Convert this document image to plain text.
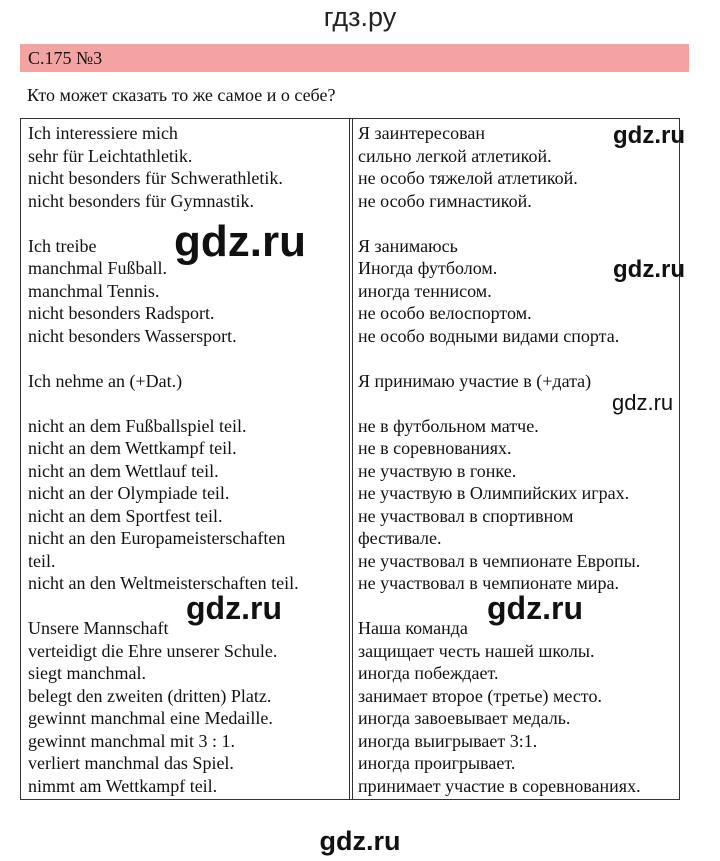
гдз.ру
С.175 №3
Кто может сказать то же самое и о себе?
Ich interessiere mich
sehr für Leichtathletik.
nicht besonders für Schwerathletik.
nicht besonders für Gymnastik.
Ich treibe
manchmal Fußball.
manchmal Tennis.
nicht besonders Radsport.
nicht besonders Wassersport.
Ich nehme an (+Dat.)
nicht an dem Fußballspiel teil.
nicht an dem Wettkampf teil.
nicht an dem Wettlauf teil.
nicht an der Olympiade teil.
nicht an dem Sportfest teil.
nicht an den Europameisterschaften
teil.
nicht an den Weltmeisterschaften teil.
Unsere Mannschaft
verteidigt die Ehre unserer Schule.
siegt manchmal.
belegt den zweiten (dritten) Platz.
gewinnt manchmal eine Medaille.
gewinnt manchmal mit 3 : 1.
verliert manchmal das Spiel.
nimmt am Wettkampf teil.
Я заинтересован
сильно легкой атлетикой.
не особо тяжелой атлетикой.
не особо гимнастикой.
Я занимаюсь
Иногда футболом.
иногда теннисом.
не особо велоспортом.
не особо водными видами спорта.
Я принимаю участие в (+дата)
не в футбольном матче.
не в соревнованиях.
не участвую в гонке.
не участвую в Олимпийских играх.
не участвовал в спортивном
фестивале.
не участвовал в чемпионате Европы.
не участвовал в чемпионате мира.
Наша команда
защищает честь нашей школы.
иногда побеждает.
занимает второе (третье) место.
иногда завоевывает медаль.
иногда выигрывает 3:1.
иногда проигрывает.
принимает участие в соревнованиях.
gdz.ru
gdz.ru	gdz.ru
gdz.ru
gdz.ru
gdz.ru
gdz.ru
